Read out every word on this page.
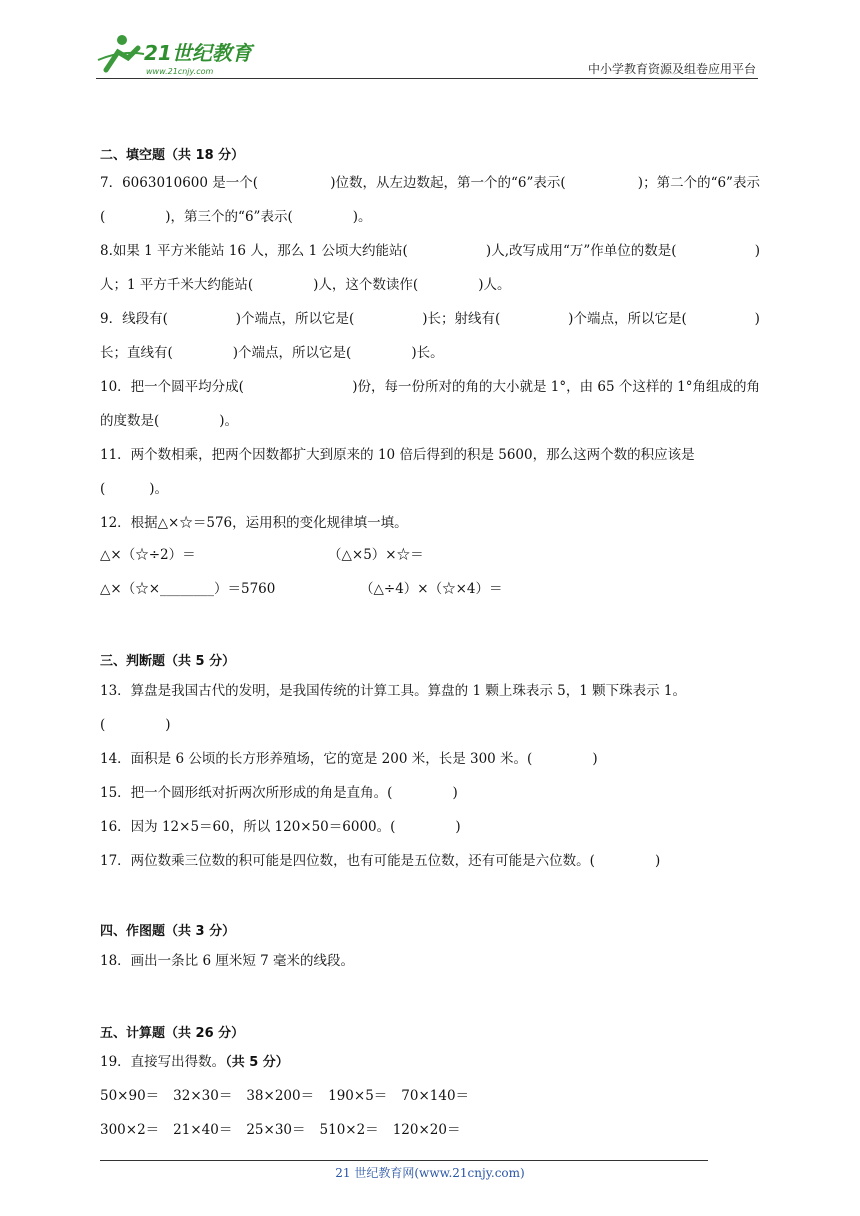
21世纪教育
www.21cnjy.com	中小学教育资源及组卷应用平台
二、填空题（共 18 分）
7．6063010600 是一个(	)位数，从左边数起，第一个的“6”表示(	)；第二个的“6”表示
(	)，第三个的“6”表示(	)。
8.如果 1 平方米能站 16 人，那么 1 公顷大约能站(	)人,改写成用“万”作单位的数是(	)
人；1 平方千米大约能站(	)人，这个数读作(	)人。
9．线段有(	)个端点，所以它是(	)长；射线有(	)个端点，所以它是(	)
长；直线有(	)个端点，所以它是(	)长。
10．把一个圆平均分成(	)份，每一份所对的角的大小就是 1°，由 65 个这样的 1°角组成的角
的度数是(	)。
11．两个数相乘，把两个因数都扩大到原来的 10 倍后得到的积是 5600，那么这两个数的积应该是
(	)。
12．根据△×☆＝576，运用积的变化规律填一填。
△×（☆÷2）＝	（△×5）×☆＝
△×（☆×________）＝5760	（△÷4）×（☆×4）＝
三、判断题（共 5 分）
13．算盘是我国古代的发明，是我国传统的计算工具。算盘的 1 颗上珠表示 5，1 颗下珠表示 1。
(	)
14．面积是 6 公顷的长方形养殖场，它的宽是 200 米，长是 300 米。(	)
15．把一个圆形纸对折两次所形成的角是直角。(	)
16．因为 12×5＝60，所以 120×50＝6000。(	)
17．两位数乘三位数的积可能是四位数，也有可能是五位数，还有可能是六位数。(	)
四、作图题（共 3 分）
18．画出一条比 6 厘米短 7 毫米的线段。
五、计算题（共 26 分）
19．直接写出得数。（共 5 分）
50×90＝ 32×30＝ 38×200＝ 190×5＝ 70×140＝
300×2＝ 21×40＝ 25×30＝ 510×2＝ 120×20＝
21 世纪教育网(www.21cnjy.com)
